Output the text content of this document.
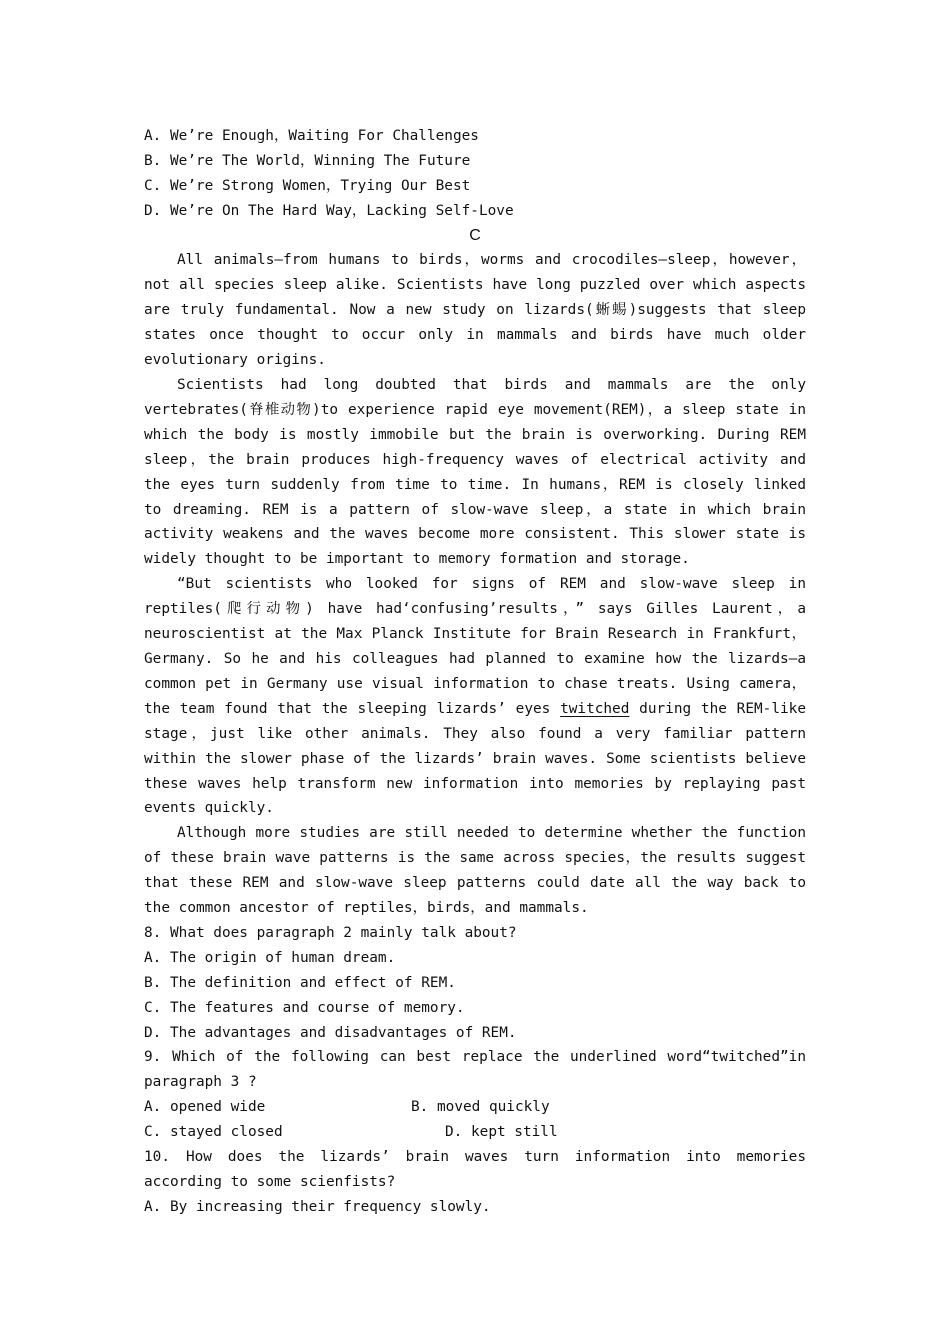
A. We’re Enough，Waiting For Challenges
B. We’re The World，Winning The Future
C. We’re Strong Women，Trying Our Best
D. We’re On The Hard Way，Lacking Self-Love
C
All animals—from humans to birds，worms and crocodiles—sleep，however，not all species sleep alike. Scientists have long puzzled over which aspects are truly fundamental. Now a new study on lizards(蜥蜴)suggests that sleep states once thought to occur only in mammals and birds have much older evolutionary origins.
Scientists had long doubted that birds and mammals are the only vertebrates(脊椎动物)to experience rapid eye movement(REM)，a sleep state in which the body is mostly immobile but the brain is overworking. During REM sleep，the brain produces high-frequency waves of electrical activity and the eyes turn suddenly from time to time. In humans，REM is closely linked to dreaming. REM is a pattern of slow-wave sleep，a state in which brain activity weakens and the waves become more consistent. This slower state is widely thought to be important to memory formation and storage.
“But scientists who looked for signs of REM and slow-wave sleep in reptiles(爬行动物) have had‘confusing’results，” says Gilles Laurent，a neuroscientist at the Max Planck Institute for Brain Research in Frankfurt，Germany. So he and his colleagues had planned to examine how the lizards—a common pet in Germany use visual information to chase treats. Using camera，the team found that the sleeping lizards’ eyes twitched during the REM-like stage，just like other animals. They also found a very familiar pattern within the slower phase of the lizards’ brain waves. Some scientists believe these waves help transform new information into memories by replaying past events quickly.
Although more studies are still needed to determine whether the function of these brain wave patterns is the same across species，the results suggest that these REM and slow-wave sleep patterns could date all the way back to the common ancestor of reptiles，birds，and mammals.
8. What does paragraph 2 mainly talk about?
A. The origin of human dream.
B. The definition and effect of REM.
C. The features and course of memory.
D. The advantages and disadvantages of REM.
9. Which of the following can best replace the underlined word“twitched”in paragraph 3 ?
A. opened wide	B. moved quickly
C. stayed closed	D. kept still
10. How does the lizards’ brain waves turn information into memories according to some scienfists?
A. By increasing their frequency slowly.
